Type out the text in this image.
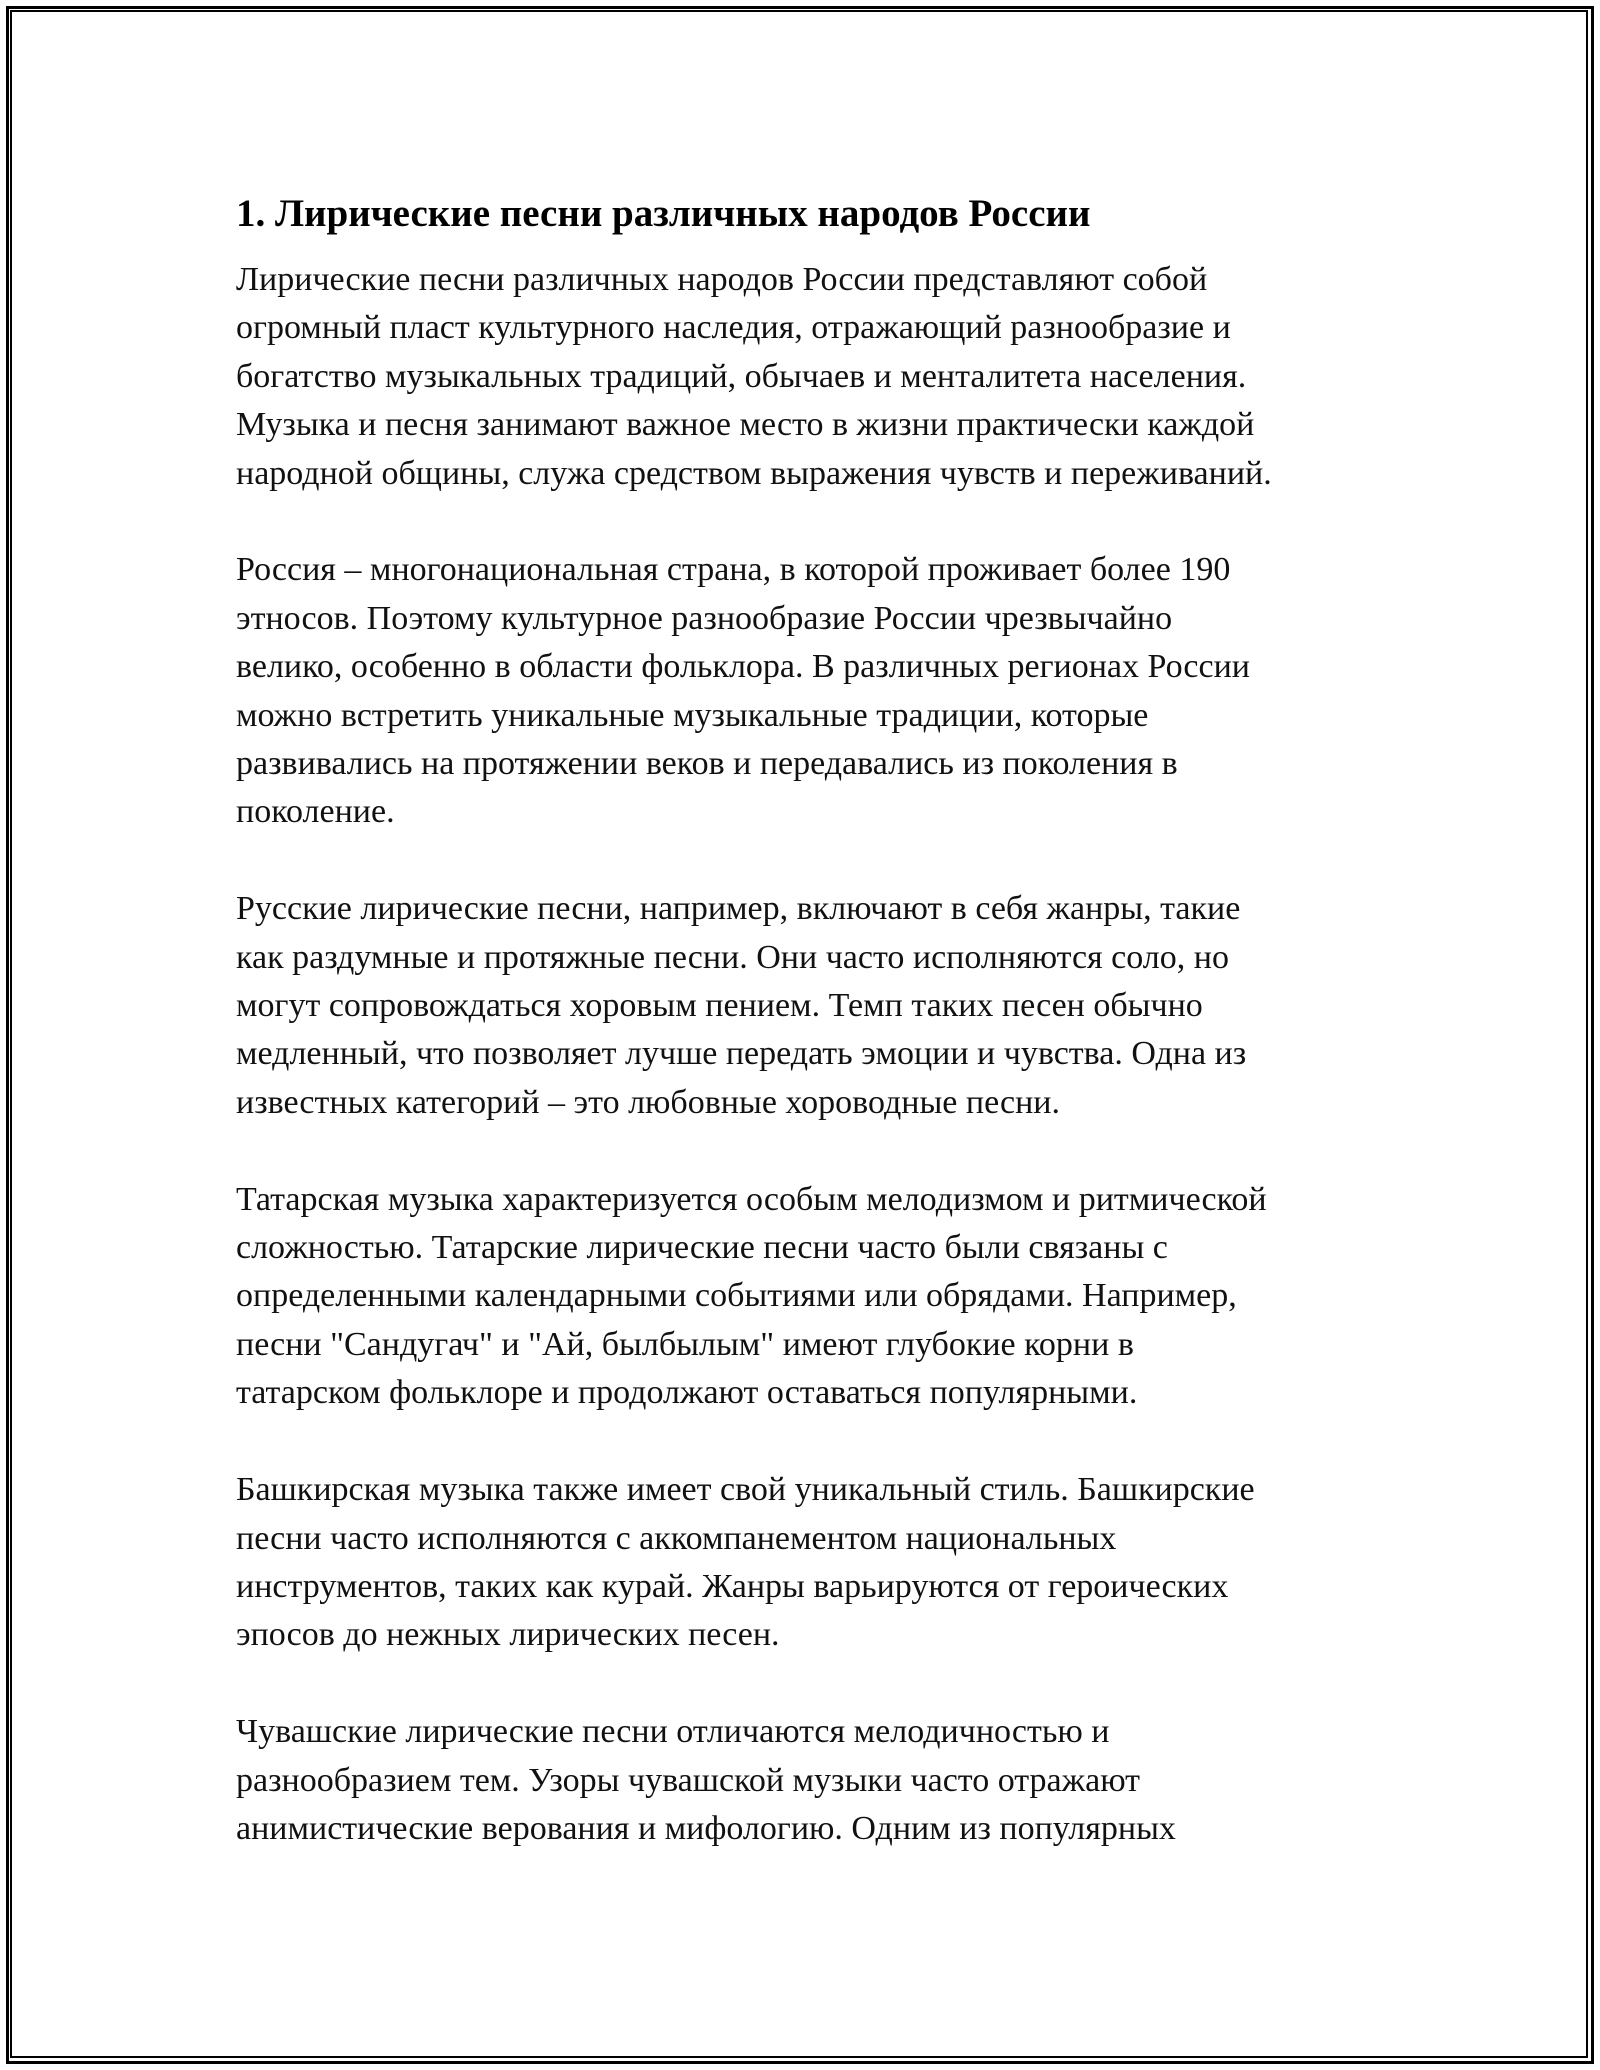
1. Лирические песни различных народов России
Лирические песни различных народов России представляют собой
огромный пласт культурного наследия, отражающий разнообразие и
богатство музыкальных традиций, обычаев и менталитета населения.
Музыка и песня занимают важное место в жизни практически каждой
народной общины, служа средством выражения чувств и переживаний.
Россия – многонациональная страна, в которой проживает более 190
этносов. Поэтому культурное разнообразие России чрезвычайно
велико, особенно в области фольклора. В различных регионах России
можно встретить уникальные музыкальные традиции, которые
развивались на протяжении веков и передавались из поколения в
поколение.
Русские лирические песни, например, включают в себя жанры, такие
как раздумные и протяжные песни. Они часто исполняются соло, но
могут сопровождаться хоровым пением. Темп таких песен обычно
медленный, что позволяет лучше передать эмоции и чувства. Одна из
известных категорий – это любовные хороводные песни.
Татарская музыка характеризуется особым мелодизмом и ритмической
сложностью. Татарские лирические песни часто были связаны с
определенными календарными событиями или обрядами. Например,
песни "Сандугач" и "Ай, былбылым" имеют глубокие корни в
татарском фольклоре и продолжают оставаться популярными.
Башкирская музыка также имеет свой уникальный стиль. Башкирские
песни часто исполняются с аккомпанементом национальных
инструментов, таких как курай. Жанры варьируются от героических
эпосов до нежных лирических песен.
Чувашские лирические песни отличаются мелодичностью и
разнообразием тем. Узоры чувашской музыки часто отражают
анимистические верования и мифологию. Одним из популярных
